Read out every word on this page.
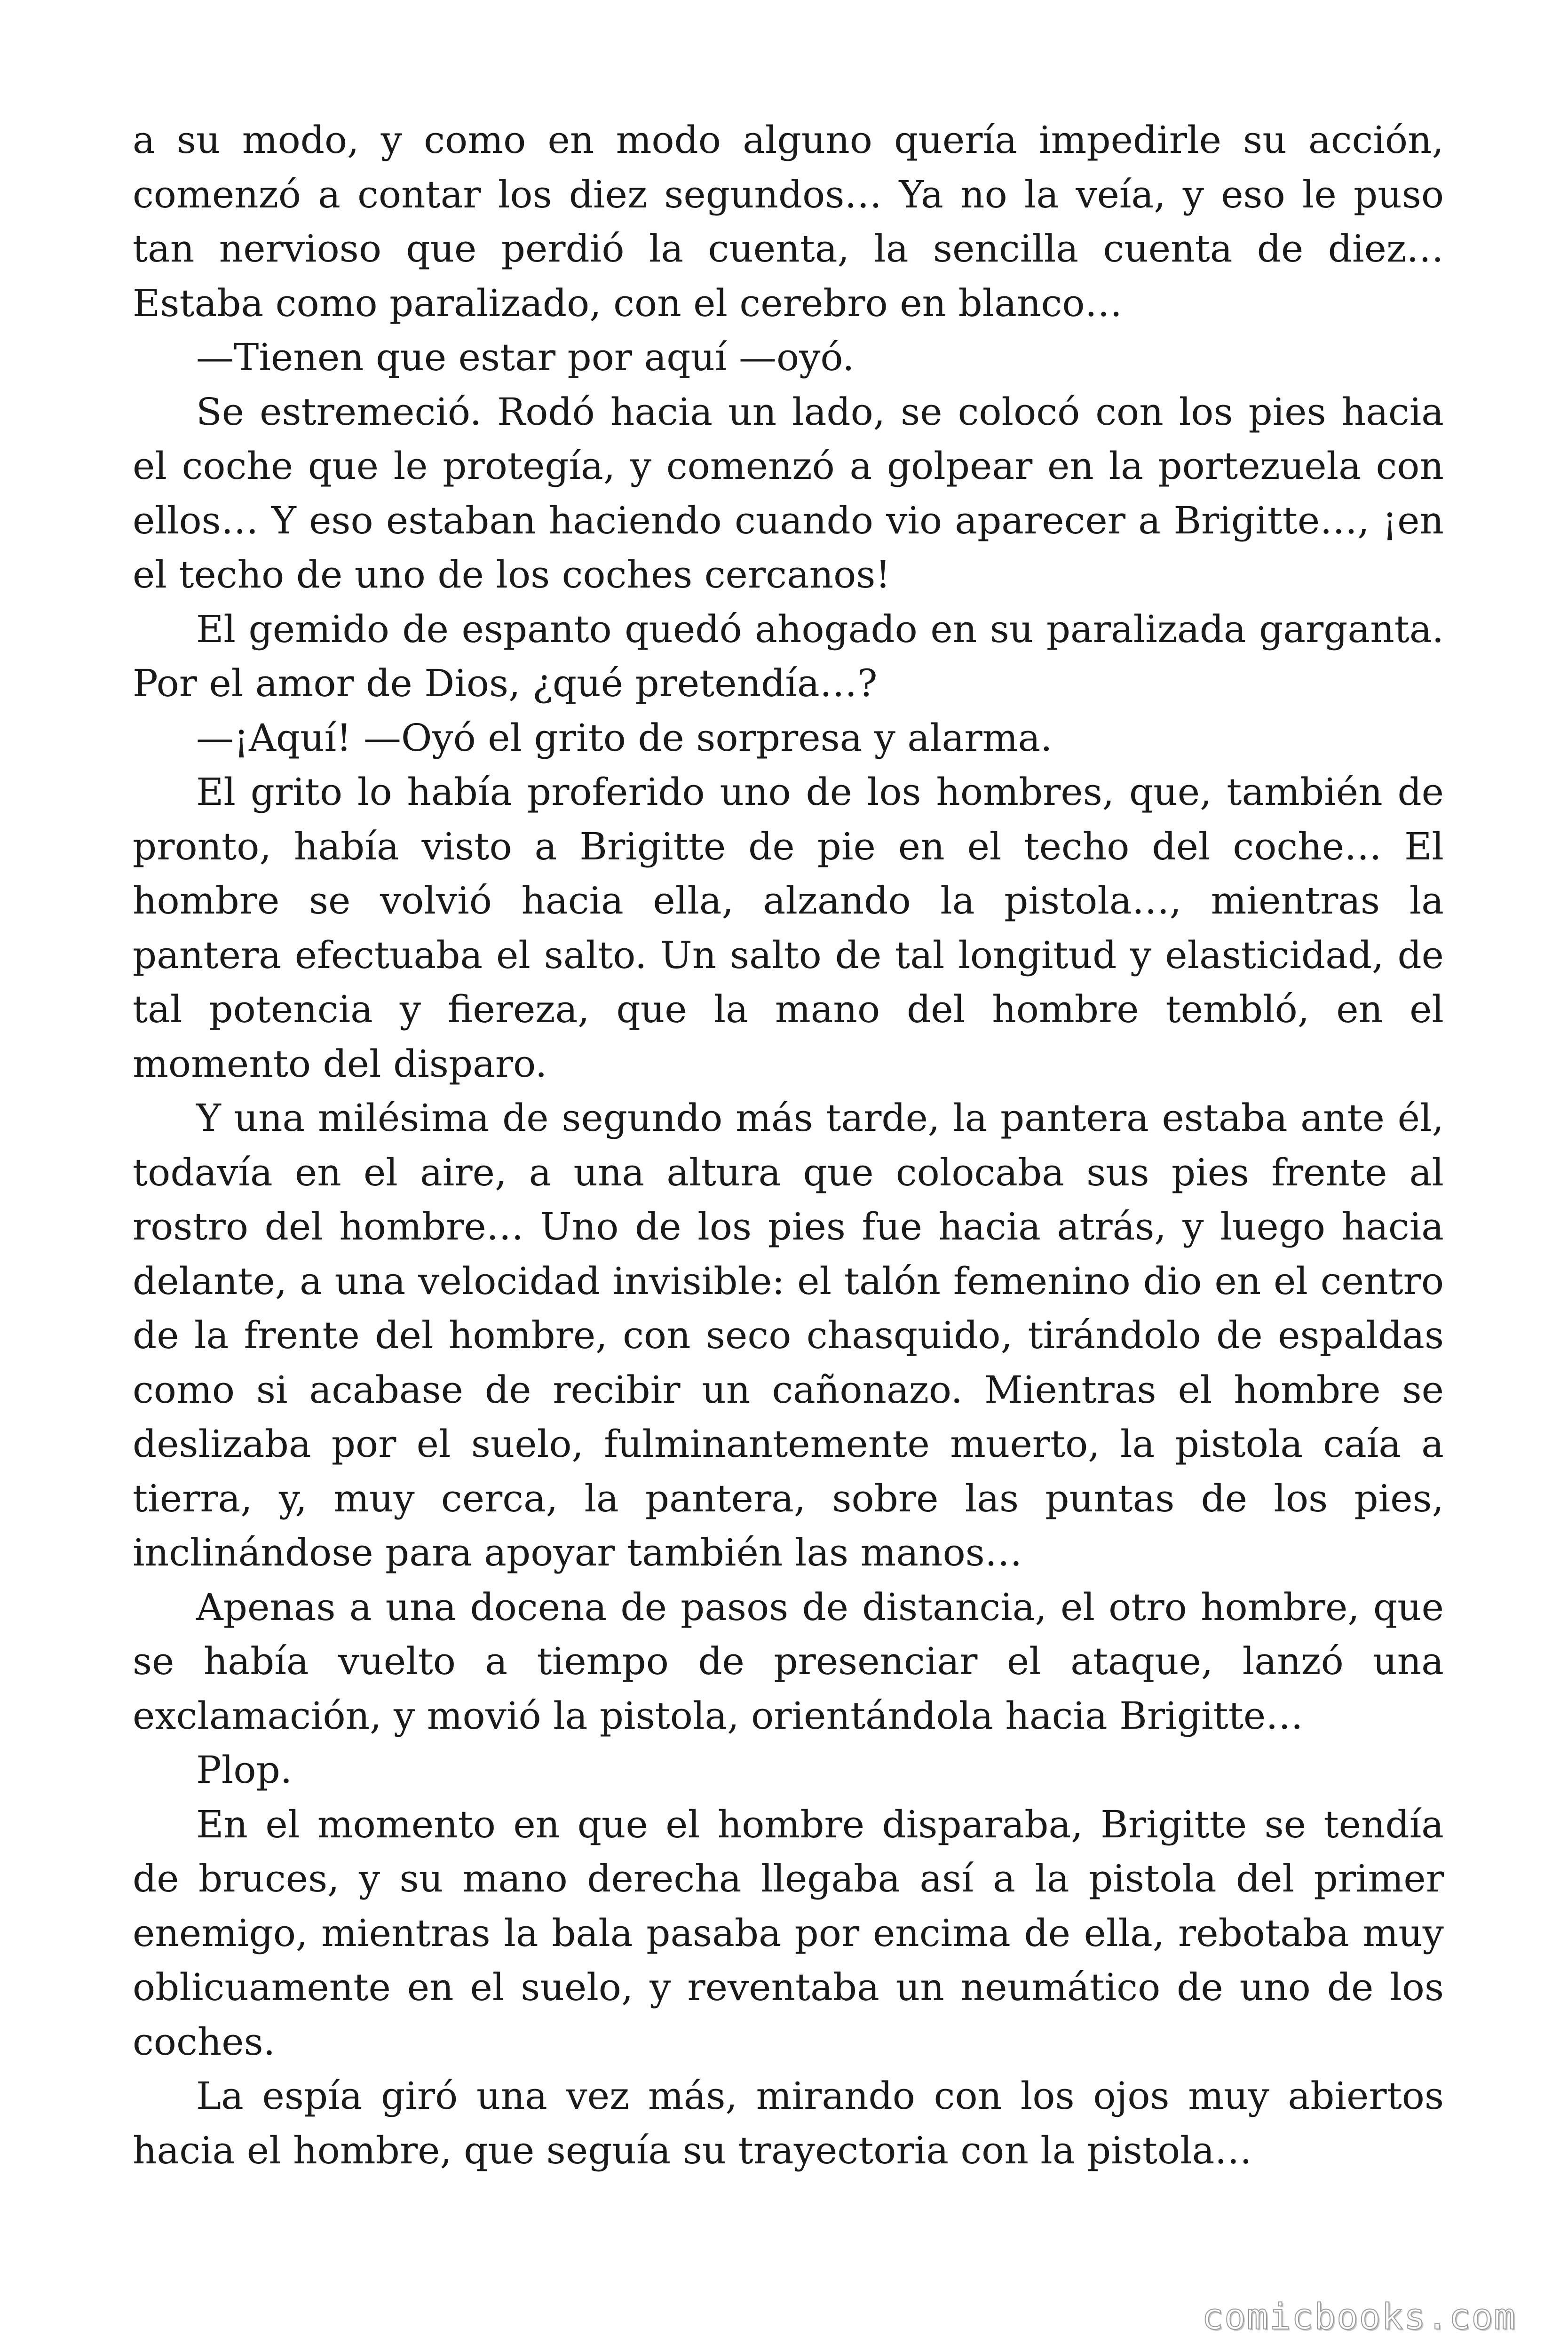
a su modo, y como en modo alguno quería impedirle su acción, comenzó a contar los diez segundos… Ya no la veía, y eso le puso tan nervioso que perdió la cuenta, la sencilla cuenta de diez… Estaba como paralizado, con el cerebro en blanco…

—Tienen que estar por aquí —oyó.

Se estremeció. Rodó hacia un lado, se colocó con los pies hacia el coche que le protegía, y comenzó a golpear en la portezuela con ellos… Y eso estaban haciendo cuando vio aparecer a Brigitte…, ¡en el techo de uno de los coches cercanos!

El gemido de espanto quedó ahogado en su paralizada garganta. Por el amor de Dios, ¿qué pretendía…?

—¡Aquí! —Oyó el grito de sorpresa y alarma.

El grito lo había proferido uno de los hombres, que, también de pronto, había visto a Brigitte de pie en el techo del coche… El hombre se volvió hacia ella, alzando la pistola…, mientras la pantera efectuaba el salto. Un salto de tal longitud y elasticidad, de tal potencia y fiereza, que la mano del hombre tembló, en el momento del disparo.

Y una milésima de segundo más tarde, la pantera estaba ante él, todavía en el aire, a una altura que colocaba sus pies frente al rostro del hombre… Uno de los pies fue hacia atrás, y luego hacia delante, a una velocidad invisible: el talón femenino dio en el centro de la frente del hombre, con seco chasquido, tirándolo de espaldas como si acabase de recibir un cañonazo. Mientras el hombre se deslizaba por el suelo, fulminantemente muerto, la pistola caía a tierra, y, muy cerca, la pantera, sobre las puntas de los pies, inclinándose para apoyar también las manos…

Apenas a una docena de pasos de distancia, el otro hombre, que se había vuelto a tiempo de presenciar el ataque, lanzó una exclamación, y movió la pistola, orientándola hacia Brigitte…

Plop.

En el momento en que el hombre disparaba, Brigitte se tendía de bruces, y su mano derecha llegaba así a la pistola del primer enemigo, mientras la bala pasaba por encima de ella, rebotaba muy oblicuamente en el suelo, y reventaba un neumático de uno de los coches.

La espía giró una vez más, mirando con los ojos muy abiertos hacia el hombre, que seguía su trayectoria con la pistola…

comicbooks.com
